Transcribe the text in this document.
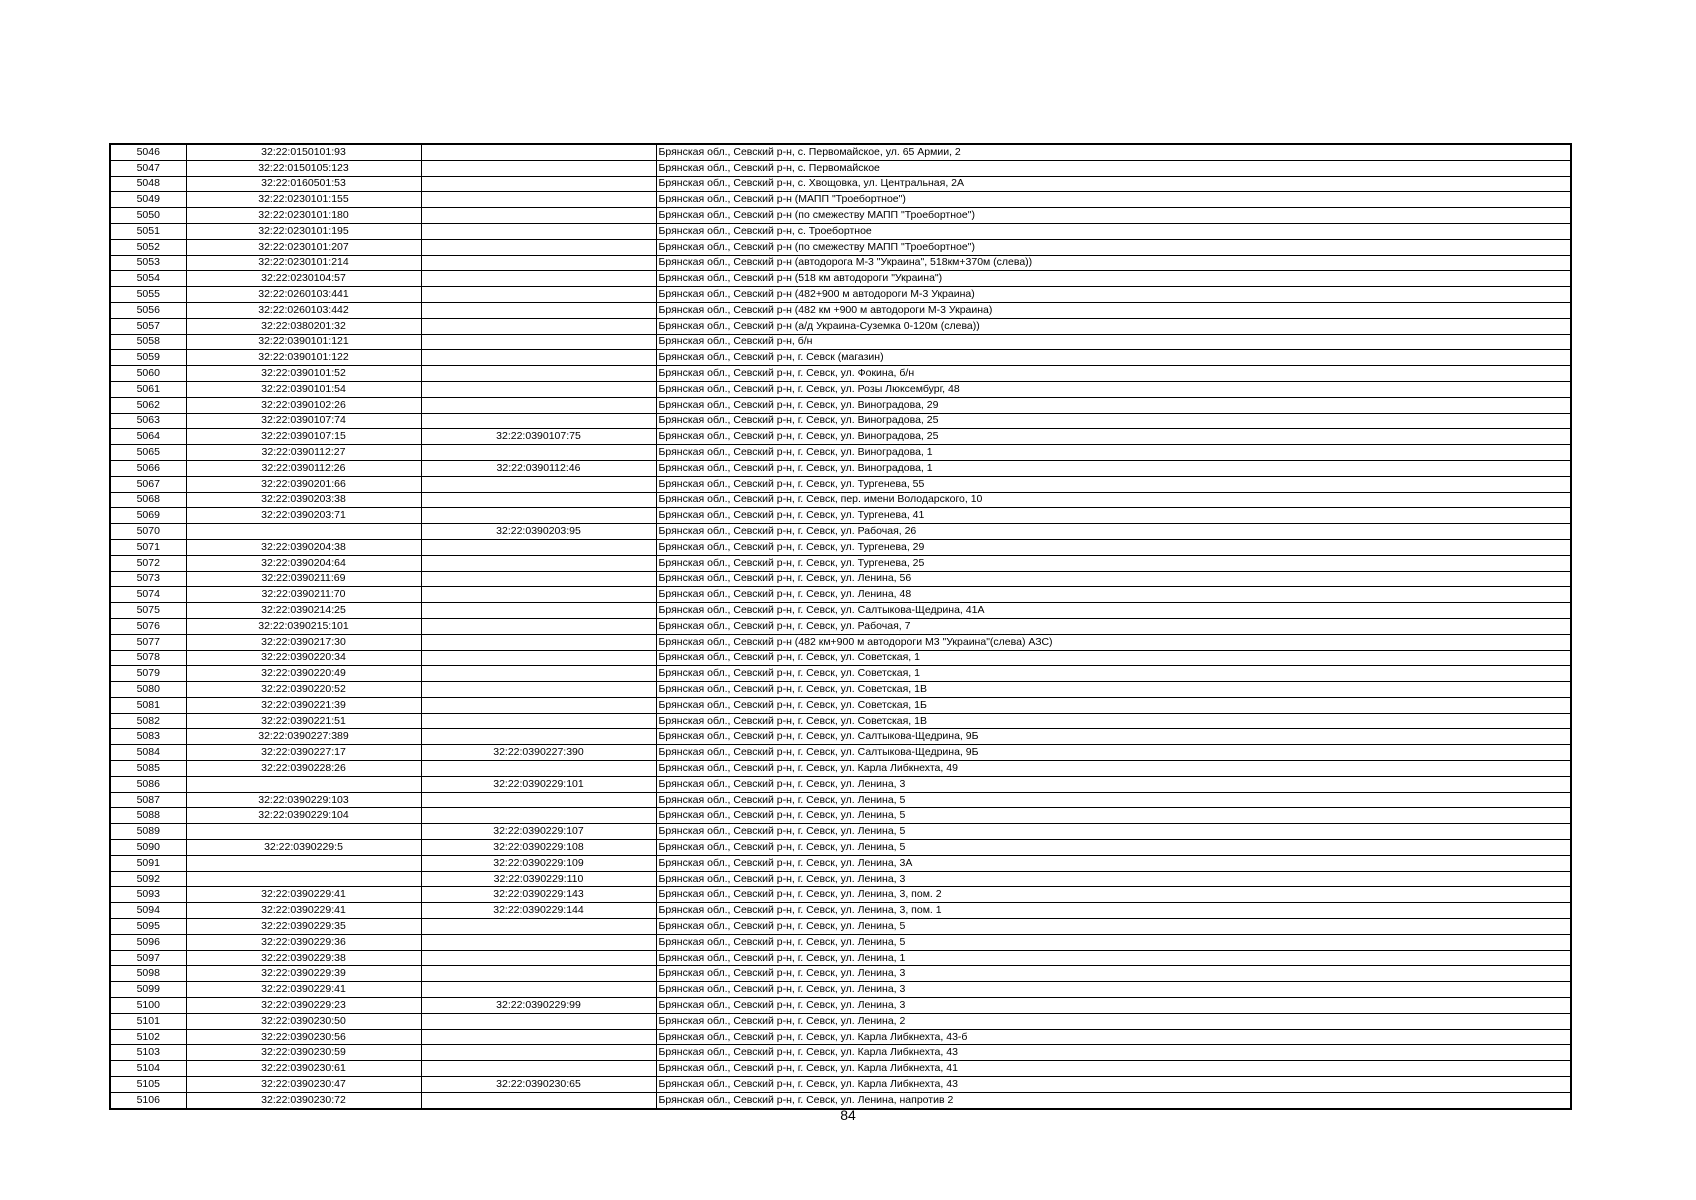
5046	32:22:0150101:93		Брянская обл., Севский р-н, с. Первомайское, ул. 65 Армии, 2
5047	32:22:0150105:123		Брянская обл., Севский р-н, с. Первомайское
5048	32:22:0160501:53		Брянская обл., Севский р-н, с. Хвощовка, ул. Центральная, 2А
5049	32:22:0230101:155		Брянская обл., Севский р-н (МАПП "Троебортное")
5050	32:22:0230101:180		Брянская обл., Севский р-н (по смежеству МАПП "Троебортное")
5051	32:22:0230101:195		Брянская обл., Севский р-н, с. Троебортное
5052	32:22:0230101:207		Брянская обл., Севский р-н (по смежеству МАПП "Троебортное")
5053	32:22:0230101:214		Брянская обл., Севский р-н (автодорога М-3 "Украина", 518км+370м (слева))
5054	32:22:0230104:57		Брянская обл., Севский р-н (518 км автодороги "Украина")
5055	32:22:0260103:441		Брянская обл., Севский р-н (482+900 м автодороги М-3 Украина)
5056	32:22:0260103:442		Брянская обл., Севский р-н (482 км +900 м автодороги М-3 Украина)
5057	32:22:0380201:32		Брянская обл., Севский р-н (а/д Украина-Суземка 0-120м (слева))
5058	32:22:0390101:121		Брянская обл., Севский р-н, б/н
5059	32:22:0390101:122		Брянская обл., Севский р-н, г. Севск (магазин)
5060	32:22:0390101:52		Брянская обл., Севский р-н, г. Севск, ул. Фокина, б/н
5061	32:22:0390101:54		Брянская обл., Севский р-н, г. Севск, ул. Розы Люксембург, 48
5062	32:22:0390102:26		Брянская обл., Севский р-н, г. Севск, ул. Виноградова, 29
5063	32:22:0390107:74		Брянская обл., Севский р-н, г. Севск, ул. Виноградова, 25
5064	32:22:0390107:15	32:22:0390107:75	Брянская обл., Севский р-н, г. Севск, ул. Виноградова, 25
5065	32:22:0390112:27		Брянская обл., Севский р-н, г. Севск, ул. Виноградова, 1
5066	32:22:0390112:26	32:22:0390112:46	Брянская обл., Севский р-н, г. Севск, ул. Виноградова, 1
5067	32:22:0390201:66		Брянская обл., Севский р-н, г. Севск, ул. Тургенева, 55
5068	32:22:0390203:38		Брянская обл., Севский р-н, г. Севск, пер. имени Володарского, 10
5069	32:22:0390203:71		Брянская обл., Севский р-н, г. Севск, ул. Тургенева, 41
5070		32:22:0390203:95	Брянская обл., Севский р-н, г. Севск, ул. Рабочая, 26
5071	32:22:0390204:38		Брянская обл., Севский р-н, г. Севск, ул. Тургенева, 29
5072	32:22:0390204:64		Брянская обл., Севский р-н, г. Севск, ул. Тургенева, 25
5073	32:22:0390211:69		Брянская обл., Севский р-н, г. Севск, ул. Ленина, 56
5074	32:22:0390211:70		Брянская обл., Севский р-н, г. Севск, ул. Ленина, 48
5075	32:22:0390214:25		Брянская обл., Севский р-н, г. Севск, ул. Салтыкова-Щедрина, 41А
5076	32:22:0390215:101		Брянская обл., Севский р-н, г. Севск, ул. Рабочая, 7
5077	32:22:0390217:30		Брянская обл., Севский р-н (482 км+900 м автодороги М3 "Украина"(слева) АЗС)
5078	32:22:0390220:34		Брянская обл., Севский р-н, г. Севск, ул. Советская, 1
5079	32:22:0390220:49		Брянская обл., Севский р-н, г. Севск, ул. Советская, 1
5080	32:22:0390220:52		Брянская обл., Севский р-н, г. Севск, ул. Советская, 1В
5081	32:22:0390221:39		Брянская обл., Севский р-н, г. Севск, ул. Советская, 1Б
5082	32:22:0390221:51		Брянская обл., Севский р-н, г. Севск, ул. Советская, 1В
5083	32:22:0390227:389		Брянская обл., Севский р-н, г. Севск, ул. Салтыкова-Щедрина, 9Б
5084	32:22:0390227:17	32:22:0390227:390	Брянская обл., Севский р-н, г. Севск, ул. Салтыкова-Щедрина, 9Б
5085	32:22:0390228:26		Брянская обл., Севский р-н, г. Севск, ул. Карла Либкнехта, 49
5086		32:22:0390229:101	Брянская обл., Севский р-н, г. Севск, ул. Ленина, 3
5087	32:22:0390229:103		Брянская обл., Севский р-н, г. Севск, ул. Ленина, 5
5088	32:22:0390229:104		Брянская обл., Севский р-н, г. Севск, ул. Ленина, 5
5089		32:22:0390229:107	Брянская обл., Севский р-н, г. Севск, ул. Ленина, 5
5090	32:22:0390229:5	32:22:0390229:108	Брянская обл., Севский р-н, г. Севск, ул. Ленина, 5
5091		32:22:0390229:109	Брянская обл., Севский р-н, г. Севск, ул. Ленина, 3А
5092		32:22:0390229:110	Брянская обл., Севский р-н, г. Севск, ул. Ленина, 3
5093	32:22:0390229:41	32:22:0390229:143	Брянская обл., Севский р-н, г. Севск, ул. Ленина, 3, пом. 2
5094	32:22:0390229:41	32:22:0390229:144	Брянская обл., Севский р-н, г. Севск, ул. Ленина, 3, пом. 1
5095	32:22:0390229:35		Брянская обл., Севский р-н, г. Севск, ул. Ленина, 5
5096	32:22:0390229:36		Брянская обл., Севский р-н, г. Севск, ул. Ленина, 5
5097	32:22:0390229:38		Брянская обл., Севский р-н, г. Севск, ул. Ленина, 1
5098	32:22:0390229:39		Брянская обл., Севский р-н, г. Севск, ул. Ленина, 3
5099	32:22:0390229:41		Брянская обл., Севский р-н, г. Севск, ул. Ленина, 3
5100	32:22:0390229:23	32:22:0390229:99	Брянская обл., Севский р-н, г. Севск, ул. Ленина, 3
5101	32:22:0390230:50		Брянская обл., Севский р-н, г. Севск, ул. Ленина, 2
5102	32:22:0390230:56		Брянская обл., Севский р-н, г. Севск, ул. Карла Либкнехта, 43-б
5103	32:22:0390230:59		Брянская обл., Севский р-н, г. Севск, ул. Карла Либкнехта, 43
5104	32:22:0390230:61		Брянская обл., Севский р-н, г. Севск, ул. Карла Либкнехта, 41
5105	32:22:0390230:47	32:22:0390230:65	Брянская обл., Севский р-н, г. Севск, ул. Карла Либкнехта, 43
5106	32:22:0390230:72		Брянская обл., Севский р-н, г. Севск, ул. Ленина, напротив 2
84
